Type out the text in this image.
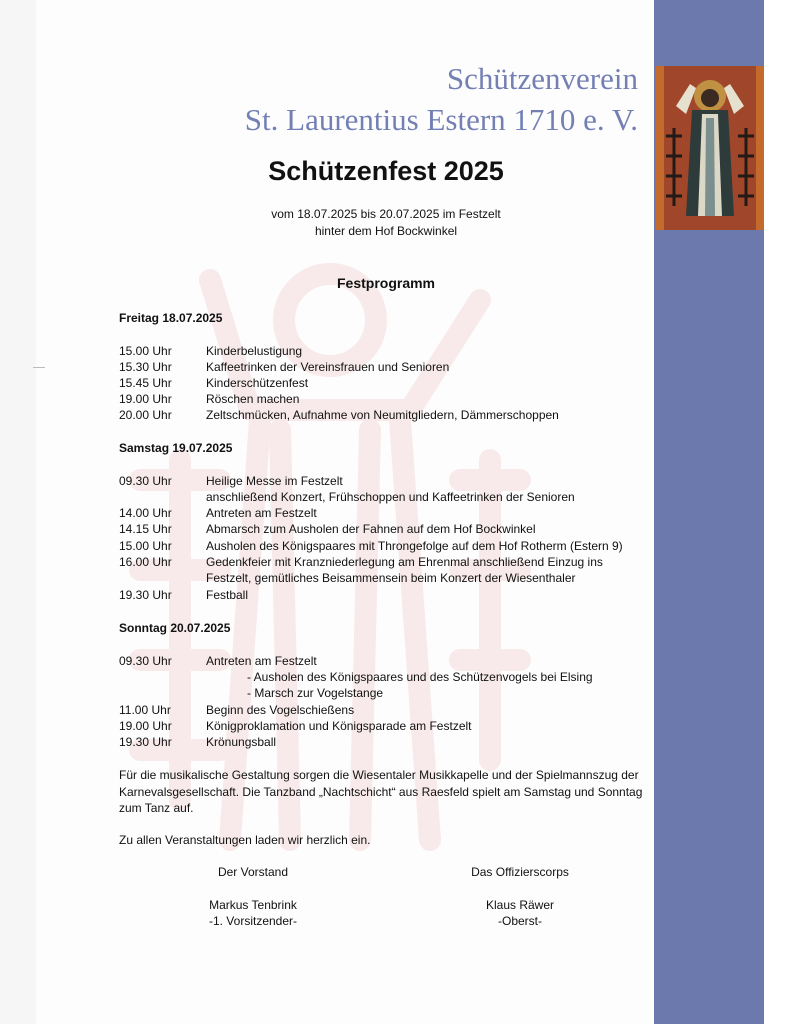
Schützenverein
St. Laurentius Estern 1710 e. V.
Schützenfest 2025
vom 18.07.2025 bis 20.07.2025 im Festzelt
hinter dem Hof Bockwinkel
Festprogramm
Freitag 18.07.2025
15.00 Uhr	Kinderbelustigung
15.30 Uhr	Kaffeetrinken der Vereinsfrauen und Senioren
15.45 Uhr	Kinderschützenfest
19.00 Uhr	Röschen machen
20.00 Uhr	Zeltschmücken, Aufnahme von Neumitgliedern, Dämmerschoppen
Samstag 19.07.2025
09.30 Uhr	Heilige Messe im Festzelt
anschließend Konzert, Frühschoppen und Kaffeetrinken der Senioren
14.00 Uhr	Antreten am Festzelt
14.15 Uhr	Abmarsch zum Ausholen der Fahnen auf dem Hof Bockwinkel
15.00 Uhr	Ausholen des Königspaares mit Throngefolge auf dem Hof Rotherm (Estern 9)
16.00 Uhr	Gedenkfeier mit Kranzniederlegung am Ehrenmal anschließend Einzug ins
Festzelt, gemütliches Beisammensein beim Konzert der Wiesenthaler
19.30 Uhr	Festball
Sonntag 20.07.2025
09.30 Uhr	Antreten am Festzelt
- Ausholen des Königspaares und des Schützenvogels bei Elsing
- Marsch zur Vogelstange
11.00 Uhr	Beginn des Vogelschießens
19.00 Uhr	Königproklamation und Königsparade am Festzelt
19.30 Uhr	Krönungsball
Für die musikalische Gestaltung sorgen die Wiesentaler Musikkapelle und der Spielmannszug der Karnevalsgesellschaft. Die Tanzband „Nachtschicht“ aus Raesfeld spielt am Samstag und Sonntag zum Tanz auf.
Zu allen Veranstaltungen laden wir herzlich ein.
Der Vorstand
Markus Tenbrink
-1. Vorsitzender-
Das Offizierscorps
Klaus Räwer
-Oberst-
